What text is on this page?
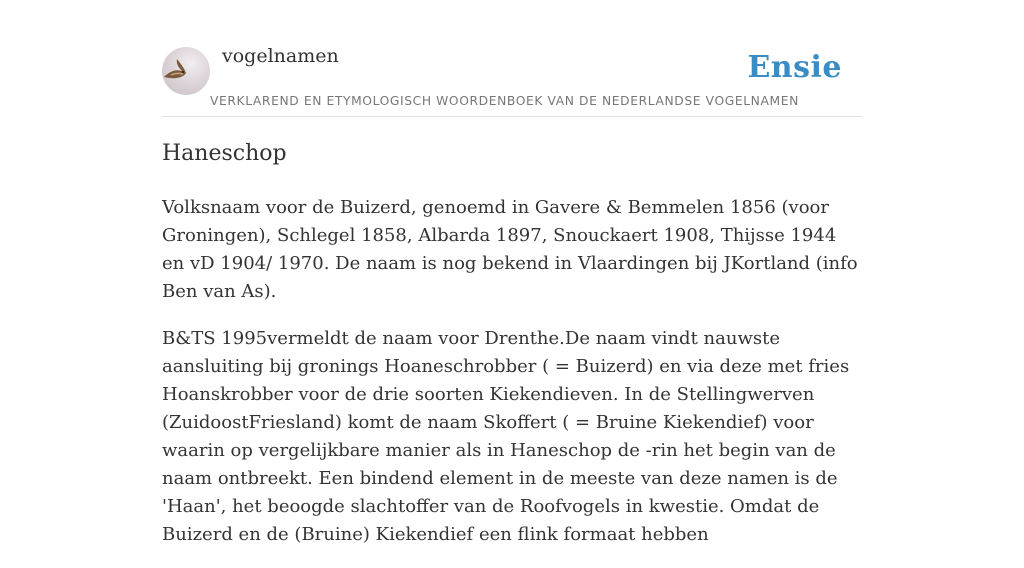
vogelnamen	Ensie
VERKLAREND EN ETYMOLOGISCH WOORDENBOEK VAN DE NEDERLANDSE VOGELNAMEN
Haneschop

Volksnaam voor de Buizerd, genoemd in Gavere & Bemmelen 1856 (voor Groningen), Schlegel 1858, Albarda 1897, Snouckaert 1908, Thijsse 1944 en vD 1904/ 1970. De naam is nog bekend in Vlaardingen bij JKortland (info Ben van As).

B&TS 1995vermeldt de naam voor Drenthe.De naam vindt nauwste aansluiting bij gronings Hoaneschrobber ( = Buizerd) en via deze met fries Hoanskrobber voor de drie soorten Kiekendieven. In de Stellingwerven (ZuidoostFriesland) komt de naam Skoffert ( = Bruine Kiekendief) voor waarin op vergelijkbare manier als in Haneschop de -rin het begin van de naam ontbreekt. Een bindend element in de meeste van deze namen is de 'Haan', het beoogde slachtoffer van de Roofvogels in kwestie. Omdat de Buizerd en de (Bruine) Kiekendief een flink formaat hebben
